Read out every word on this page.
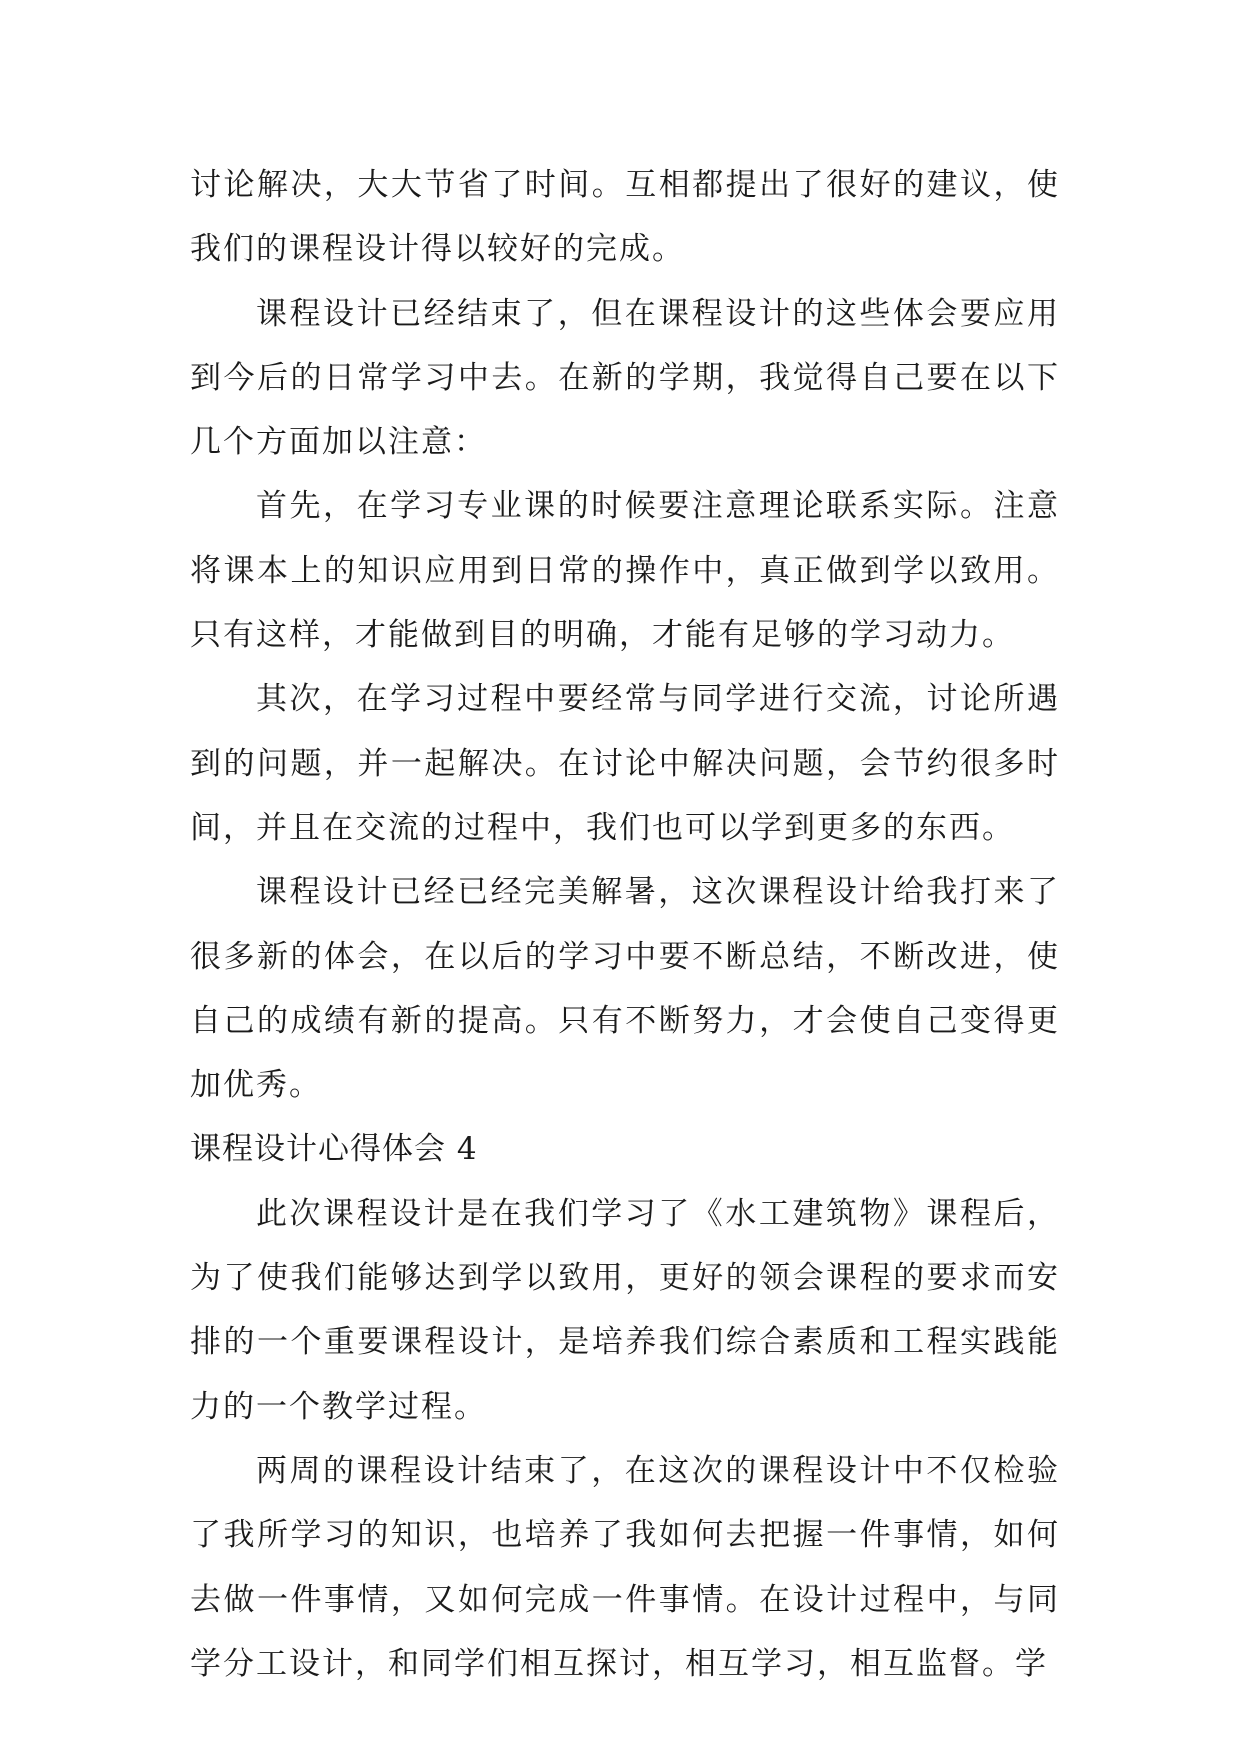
讨论解决，大大节省了时间。互相都提出了很好的建议，使我们的课程设计得以较好的完成。

课程设计已经结束了，但在课程设计的这些体会要应用到今后的日常学习中去。在新的学期，我觉得自己要在以下几个方面加以注意：

首先，在学习专业课的时候要注意理论联系实际。注意将课本上的知识应用到日常的操作中，真正做到学以致用。只有这样，才能做到目的明确，才能有足够的学习动力。

其次，在学习过程中要经常与同学进行交流，讨论所遇到的问题，并一起解决。在讨论中解决问题，会节约很多时间，并且在交流的过程中，我们也可以学到更多的东西。

课程设计已经已经完美解暑，这次课程设计给我打来了很多新的体会，在以后的学习中要不断总结，不断改进，使自己的成绩有新的提高。只有不断努力，才会使自己变得更加优秀。

课程设计心得体会 4

此次课程设计是在我们学习了《水工建筑物》课程后，为了使我们能够达到学以致用，更好的领会课程的要求而安排的一个重要课程设计，是培养我们综合素质和工程实践能力的一个教学过程。

两周的课程设计结束了，在这次的课程设计中不仅检验了我所学习的知识，也培养了我如何去把握一件事情，如何去做一件事情，又如何完成一件事情。在设计过程中，与同学分工设计，和同学们相互探讨，相互学习，相互监督。学
